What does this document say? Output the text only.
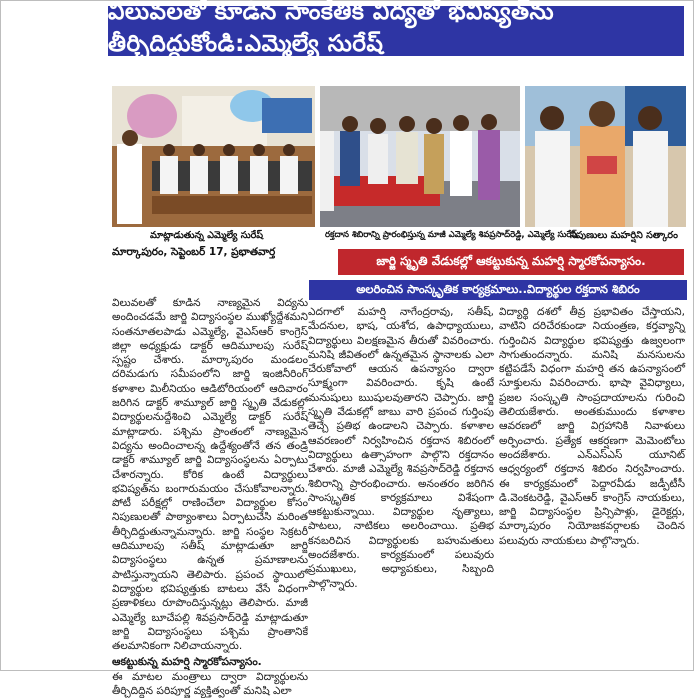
విలువలతో కూడిన సాంకేతిక విద్యతో భవిష్యత్‌ను తీర్చిదిద్దుకోండి:ఎమ్మెల్యే సురేష్
మాట్లాడుతున్న ఎమ్మెల్యే సురేష్	రక్తదాన శిబిరాన్ని ప్రారంభిస్తున్న మాజీ ఎమ్మెల్యే శివప్రసాద్‌రెడ్డి, ఎమ్మెల్యే సురేష్
నిపుణులు మహర్షిని సత్కారం
మార్కాపురం, సెప్టెంబర్ 17, ప్రభాతవార్త
జార్జి స్మృతి వేడుకల్లో ఆకట్టుకున్న మహర్షి స్మారకోపన్యాసం.
అలరించిన సాంస్కృతిక కార్యక్రమాలు..విద్యార్థుల రక్తదాన శిబిరం

విలువలతో కూడిన నాణ్యమైన విద్యను అందించడమే జార్జి విద్యాసంస్థల ముఖ్యోద్దేశమని సంతనూతలపాడు ఎమ్మెల్యే, వైఎస్‌ఆర్‌ కాంగ్రెస్ జిల్లా అధ్యక్షుడు డాక్టర్ ఆదిమూలపు సురేష్ స్పష్టం చేశారు. మార్కాపురం మండలం దరిమడుగు సమీపంలోని జార్జి ఇంజినీరింగ్ కళాశాల మిలీనియం ఆడిటోరియంలో ఆదివారం జరిగిన డాక్టర్ శామ్యూల్ జార్జి స్మృతి వేడుకల్లో విద్యార్థులనుద్దేశించి ఎమ్మెల్యే డాక్టర్ సురేష్ మాట్లాడారు. పశ్చిమ ప్రాంతంలో నాణ్యమైన విద్యను అందించాలన్న ఉద్దేశ్యంతోనే తన తండ్రి డాక్టర్ శామ్యూల్ జార్జి విద్యాసంస్థలను ఏర్పాటు చేశారన్నారు. కోరిక ఉంటే విద్యార్థులు భవిష్యత్‌ను బంగారుమయం చేసుకోవాలన్నారు. పోటీ పరీక్షల్లో రాణించేలా విద్యార్థుల కోసం నిపుణులతో పాఠ్యాంశాలు ఏర్పాటుచేసి మరింత తీర్చిదిద్దుతున్నామన్నారు. జార్జి సంస్థల సెక్రటరీ ఆదిమూలపు సతీష్ మాట్లాడుతూ జార్జి విద్యాసంస్థలు ఉన్నత ప్రమాణాలను పాటిస్తున్నాయని తెలిపారు. ప్రపంచ స్థాయిలో విద్యార్థుల భవిష్యత్తుకు బాటలు వేసే విధంగా ప్రణాళికలు రూపొందిస్తున్నట్లు తెలిపారు. మాజీ ఎమ్మెల్యే బూచేపల్లి శివప్రసాద్‌రెడ్డి మాట్లాడుతూ జార్జి విద్యాసంస్థలు పశ్చిమ ప్రాంతానికే తలమానికంగా నిలిచాయన్నారు.

ఆకట్టుకున్న మహర్షి స్మారకోపన్యాసం.

ఈ మాటల మంత్రాలు ద్వారా విద్యార్థులను తీర్చిదిద్దిన పరిపూర్ణ వ్యక్తిత్వంతో మనిషి ఎలా

ఎదగాలో మహర్షి నాగేంద్రరావు, సతీష్, మేదనుల, భాష, యశోద, ఉపాధ్యాయులు, విద్యార్థులు విలక్షణమైన తీరుతో వివరించారు. మనిషి జీవితంలో ఉన్నతమైన స్థానాలకు ఎలా చేరుకోవాలో ఆయన ఉపన్యాసం ద్వారా సూక్ష్మంగా వివరించారు. కృషి ఉంటే మనుషులు ఋషులవుతారని చెప్పారు. జార్జి స్మృతి వేడుకల్లో జాబు వారి ప్రపంచ గుర్తింపు తెచ్చే ప్రతిభ ఉండాలని చెప్పారు. కళాశాల ఆవరణంలో నిర్వహించిన రక్తదాన శిబిరంలో విద్యార్థులు ఉత్సాహంగా పాల్గొని రక్తదానం చేశారు. మాజీ ఎమ్మెల్యే శివప్రసాద్‌రెడ్డి రక్తదాన శిబిరాన్ని ప్రారంభించారు. అనంతరం జరిగిన సాంస్కృతిక కార్యక్రమాలు విశేషంగా ఆకట్టుకున్నాయి. విద్యార్థుల నృత్యాలు, పాటలు, నాటికలు అలరించాయి. ప్రతిభ కనబరిచిన విద్యార్థులకు బహుమతులు అందజేశారు. కార్యక్రమంలో పలువురు ప్రముఖులు, అధ్యాపకులు, సిబ్బంది పాల్గొన్నారు.

విద్యార్థి దశలో తీవ్ర ప్రభావితం చేస్తాయని, వాటిని దరిచేరకుండా నియంత్రణ, కర్తవ్యాన్ని గుర్తించిన విద్యార్థుల భవిష్యత్తు ఉజ్వలంగా సాగుతుందన్నారు. మనిషి మనసులను కట్టిపడేసే విధంగా మహర్షి తన ఉపన్యాసంలో సూక్తులను వివరించారు. భాషా వైవిధ్యాలు, ప్రజల సంస్కృతి సాంప్రదాయాలను గురించి తెలియజేశారు. అంతకుముందు కళాశాల ఆవరణలో జార్జి విగ్రహానికి నివాళులు అర్పించారు. ప్రత్యేక ఆకర్షణగా మెమెంటోలు అందజేశారు. ఎన్ఎస్ఎస్ యూనిట్ ఆధ్వర్యంలో రక్తదాన శిబిరం నిర్వహించారు. ఈ కార్యక్రమంలో పెద్దారవీడు జడ్పీటీసీ డి.వెంకటరెడ్డి, వైఎస్ఆర్ కాంగ్రెస్ నాయకులు, జార్జి విద్యాసంస్థల ప్రిన్సిపాళ్లు, డైరెక్టర్లు, మార్కాపురం నియోజకవర్గాలకు చెందిన పలువురు నాయకులు పాల్గొన్నారు.
